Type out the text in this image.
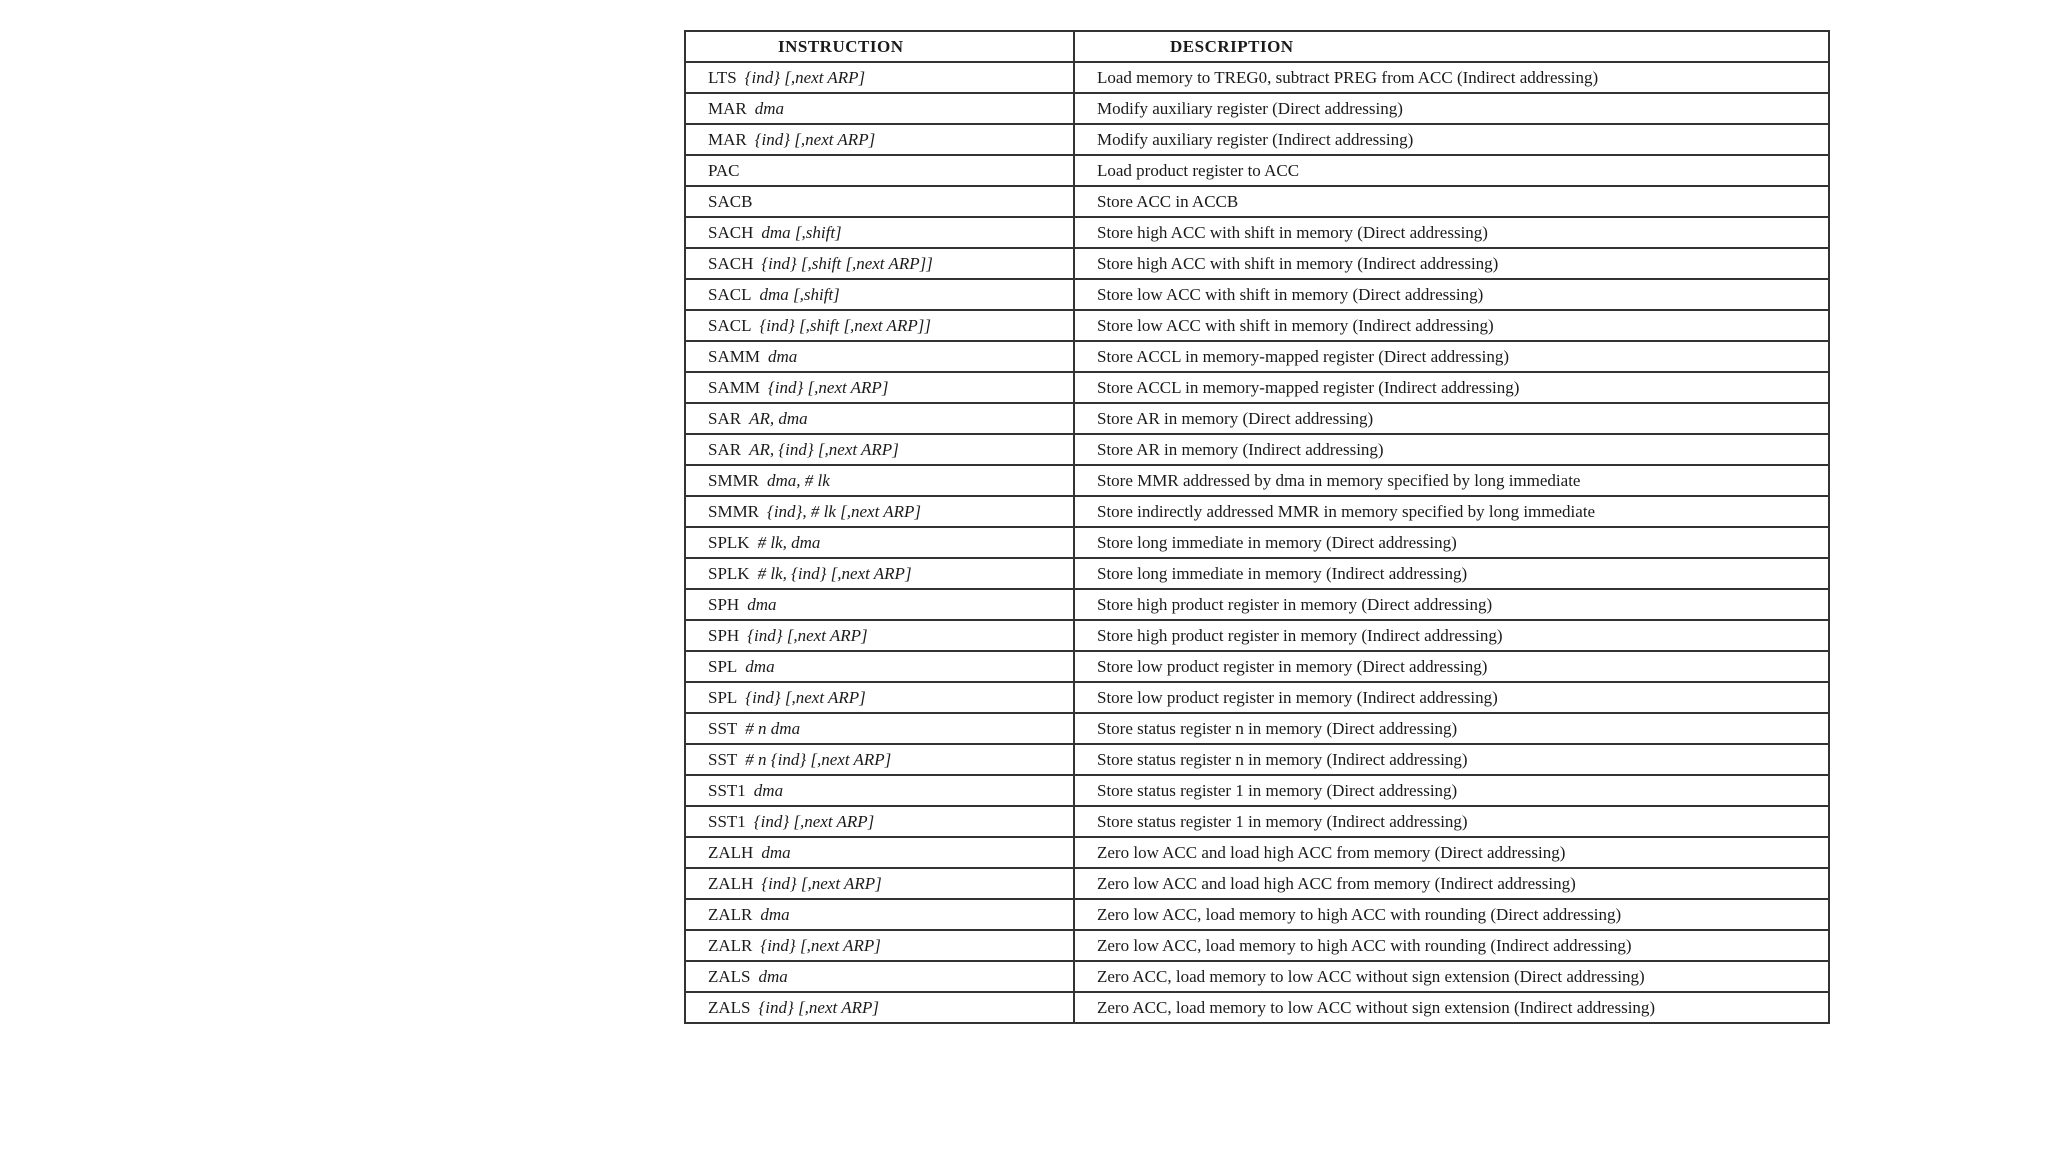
INSTRUCTION	DESCRIPTION
LTS {ind} [,next ARP]	Load memory to TREG0, subtract PREG from ACC (Indirect addressing)
MAR dma	Modify auxiliary register (Direct addressing)
MAR {ind} [,next ARP]	Modify auxiliary register (Indirect addressing)
PAC	Load product register to ACC
SACB	Store ACC in ACCB
SACH dma [,shift]	Store high ACC with shift in memory (Direct addressing)
SACH {ind} [,shift [,next ARP]]	Store high ACC with shift in memory (Indirect addressing)
SACL dma [,shift]	Store low ACC with shift in memory (Direct addressing)
SACL {ind} [,shift [,next ARP]]	Store low ACC with shift in memory (Indirect addressing)
SAMM dma	Store ACCL in memory-mapped register (Direct addressing)
SAMM {ind} [,next ARP]	Store ACCL in memory-mapped register (Indirect addressing)
SAR AR, dma	Store AR in memory (Direct addressing)
SAR AR, {ind} [,next ARP]	Store AR in memory (Indirect addressing)
SMMR dma, # lk	Store MMR addressed by dma in memory specified by long immediate
SMMR {ind}, # lk [,next ARP]	Store indirectly addressed MMR in memory specified by long immediate
SPLK # lk, dma	Store long immediate in memory (Direct addressing)
SPLK # lk, {ind} [,next ARP]	Store long immediate in memory (Indirect addressing)
SPH dma	Store high product register in memory (Direct addressing)
SPH {ind} [,next ARP]	Store high product register in memory (Indirect addressing)
SPL dma	Store low product register in memory (Direct addressing)
SPL {ind} [,next ARP]	Store low product register in memory (Indirect addressing)
SST # n dma	Store status register n in memory (Direct addressing)
SST # n {ind} [,next ARP]	Store status register n in memory (Indirect addressing)
SST1 dma	Store status register 1 in memory (Direct addressing)
SST1 {ind} [,next ARP]	Store status register 1 in memory (Indirect addressing)
ZALH dma	Zero low ACC and load high ACC from memory (Direct addressing)
ZALH {ind} [,next ARP]	Zero low ACC and load high ACC from memory (Indirect addressing)
ZALR dma	Zero low ACC, load memory to high ACC with rounding (Direct addressing)
ZALR {ind} [,next ARP]	Zero low ACC, load memory to high ACC with rounding (Indirect addressing)
ZALS dma	Zero ACC, load memory to low ACC without sign extension (Direct addressing)
ZALS {ind} [,next ARP]	Zero ACC, load memory to low ACC without sign extension (Indirect addressing)
